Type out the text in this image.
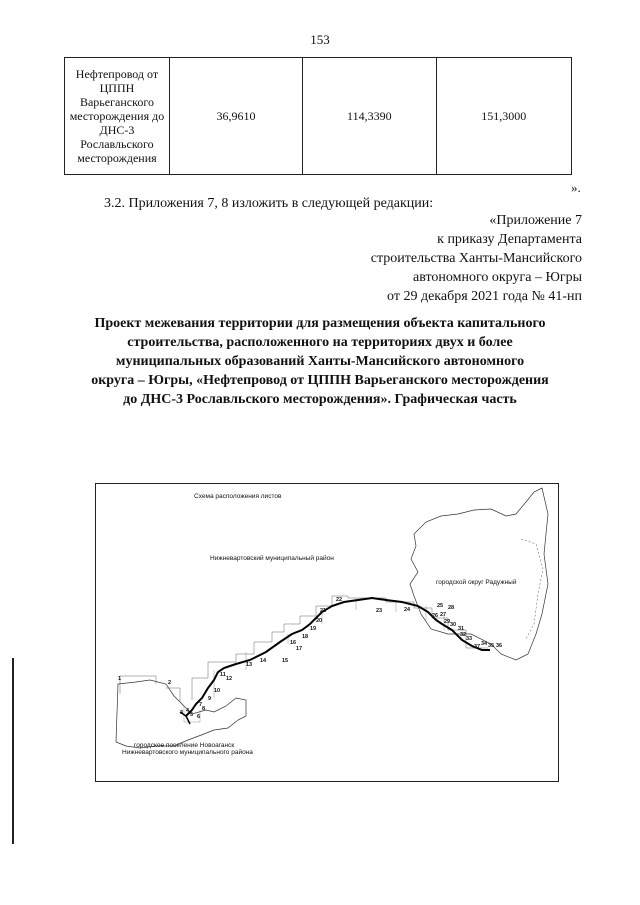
153
Нефтепровод от
ЦППН
Варьеганского
месторождения до
ДНС-3
Рославльского
месторождения
	36,9610	114,3390	151,3000
».
3.2. Приложения 7, 8 изложить в следующей редакции:
«Приложение 7
к приказу Департамента
строительства Ханты-Мансийского
автономного округа – Югры
от 29 декабря 2021 года № 41-нп
Проект межевания территории для размещения объекта капитального
строительства, расположенного на территориях двух и более
муниципальных образований Ханты-Мансийского автономного
округа – Югры, «Нефтепровод от ЦППН Варьеганского месторождения
до ДНС-3 Рославльского месторождения». Графическая часть
Схема расположения листов
Нижневартовский муниципальный район
городской округ Радужный
городское поселение Новоаганск
Нижневартовского муниципального района
1
2
3 4
5 6
7
8
9
10
11
12
13
14	15
16
17
18
19
20
21
22
23	24
25
26 27
28
29 30
31
32
33
34 35 36
37
